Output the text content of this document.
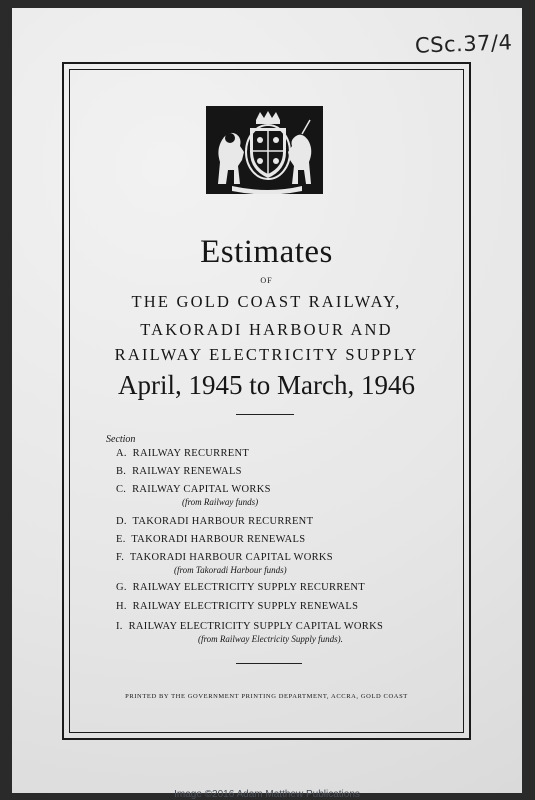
CSc.37/4
Estimates
OF
THE GOLD COAST RAILWAY,
TAKORADI HARBOUR AND
RAILWAY ELECTRICITY SUPPLY
April, 1945 to March, 1946
Section
A. RAILWAY RECURRENT
B. RAILWAY RENEWALS
C. RAILWAY CAPITAL WORKS
(from Railway funds)
D. TAKORADI HARBOUR RECURRENT
E. TAKORADI HARBOUR RENEWALS
F. TAKORADI HARBOUR CAPITAL WORKS
(from Takoradi Harbour funds)
G. RAILWAY ELECTRICITY SUPPLY RECURRENT
H. RAILWAY ELECTRICITY SUPPLY RENEWALS
I. RAILWAY ELECTRICITY SUPPLY CAPITAL WORKS
(from Railway Electricity Supply funds).
PRINTED BY THE GOVERNMENT PRINTING DEPARTMENT, ACCRA, GOLD COAST
Image ©2016 Adam Matthew Publications
